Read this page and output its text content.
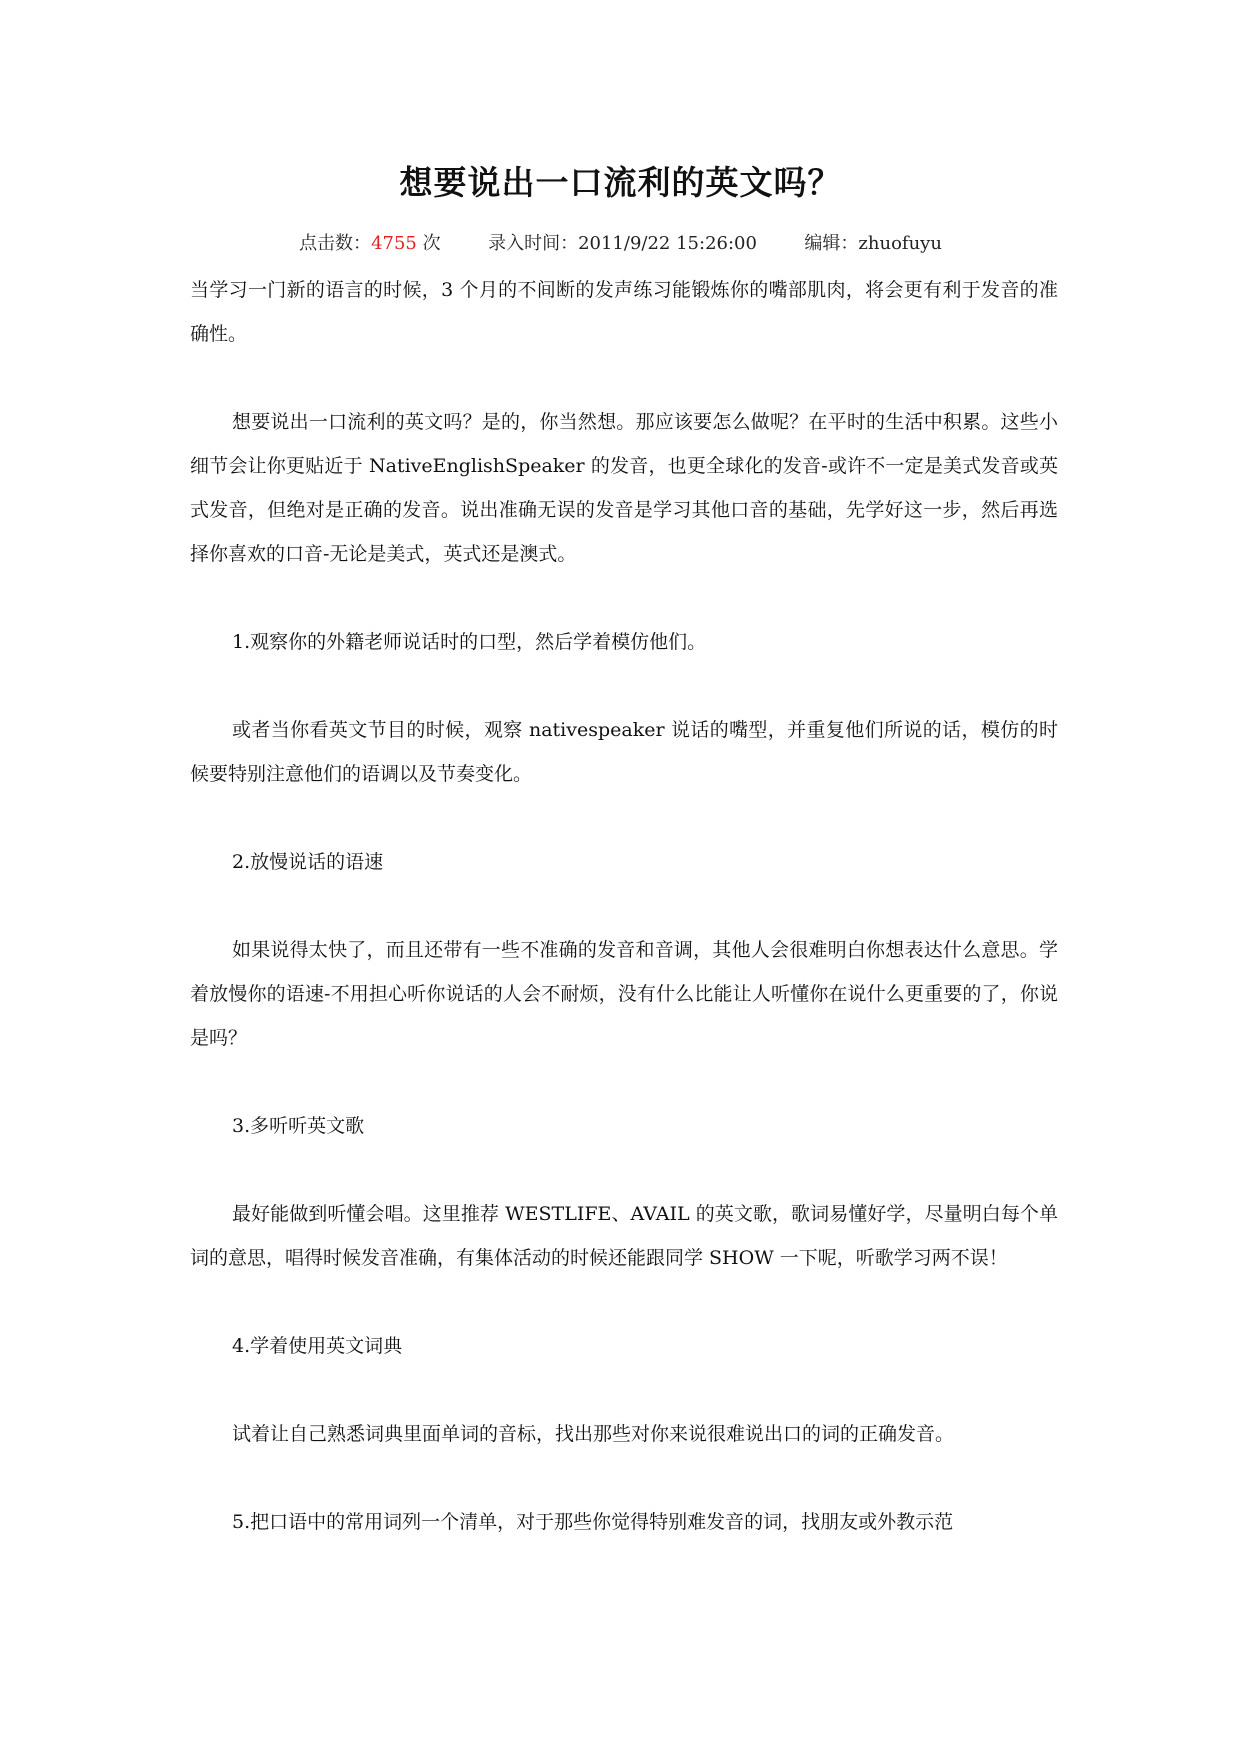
想要说出一口流利的英文吗？
点击数：4755 次	录入时间：2011/9/22 15:26:00	编辑：zhuofuyu

当学习一门新的语言的时候，3 个月的不间断的发声练习能锻炼你的嘴部肌肉，将会更有利于发音的准确性。

想要说出一口流利的英文吗？是的，你当然想。那应该要怎么做呢？在平时的生活中积累。这些小细节会让你更贴近于 NativeEnglishSpeaker 的发音，也更全球化的发音-或许不一定是美式发音或英式发音，但绝对是正确的发音。说出准确无误的发音是学习其他口音的基础，先学好这一步，然后再选择你喜欢的口音-无论是美式，英式还是澳式。

1.观察你的外籍老师说话时的口型，然后学着模仿他们。

或者当你看英文节目的时候，观察 nativespeaker 说话的嘴型，并重复他们所说的话，模仿的时候要特别注意他们的语调以及节奏变化。

2.放慢说话的语速

如果说得太快了，而且还带有一些不准确的发音和音调，其他人会很难明白你想表达什么意思。学着放慢你的语速-不用担心听你说话的人会不耐烦，没有什么比能让人听懂你在说什么更重要的了，你说是吗？

3.多听听英文歌

最好能做到听懂会唱。这里推荐 WESTLIFE、AVAIL 的英文歌，歌词易懂好学，尽量明白每个单词的意思，唱得时候发音准确，有集体活动的时候还能跟同学 SHOW 一下呢，听歌学习两不误！

4.学着使用英文词典

试着让自己熟悉词典里面单词的音标，找出那些对你来说很难说出口的词的正确发音。

5.把口语中的常用词列一个清单，对于那些你觉得特别难发音的词，找朋友或外教示范
